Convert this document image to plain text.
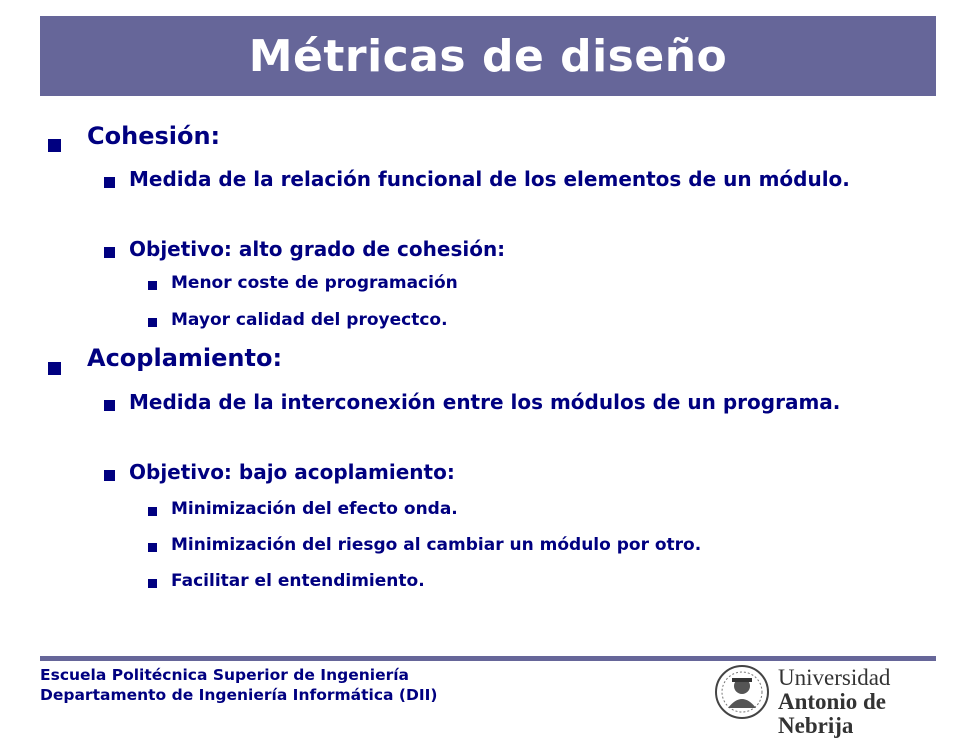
Métricas de diseño

Cohesión:

Medida de la relación funcional de los elementos de un módulo.

Objetivo: alto grado de cohesión:

Menor coste de programación

Mayor calidad del proyectco.

Acoplamiento:

Medida de la interconexión entre los módulos de un programa.

Objetivo: bajo acoplamiento:

Minimización del efecto onda.

Minimización del riesgo al cambiar un módulo por otro.

Facilitar el entendimiento.

Escuela Politécnica Superior de Ingeniería
Departamento de Ingeniería Informática (DII)
Universidad
Antonio de Nebrija
